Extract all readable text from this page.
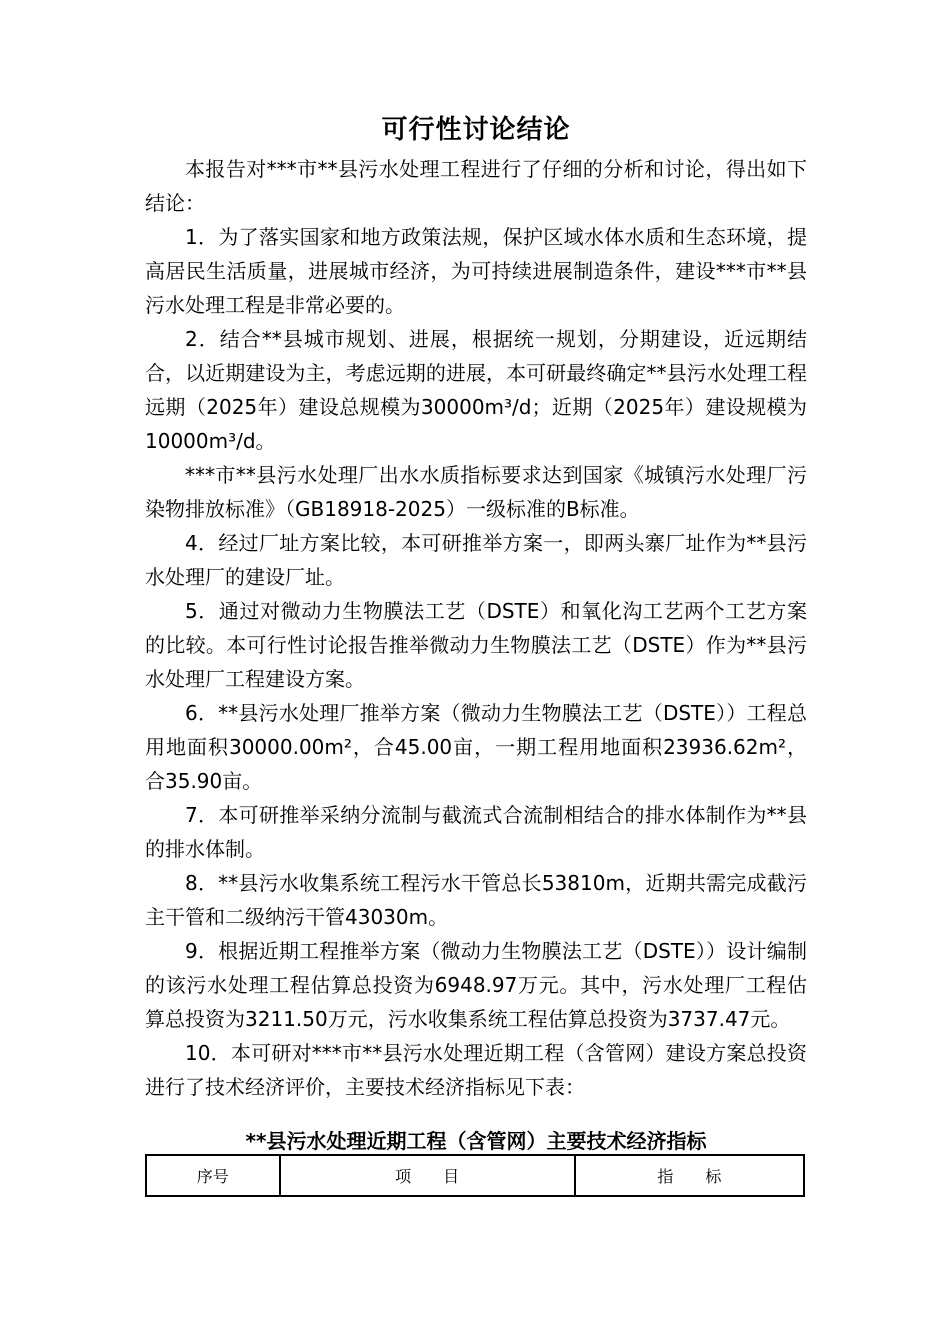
可行性讨论结论

本报告对***市**县污水处理工程进行了仔细的分析和讨论，得出如下结论：

1．为了落实国家和地方政策法规，保护区域水体水质和生态环境，提高居民生活质量，进展城市经济，为可持续进展制造条件，建设***市**县污水处理工程是非常必要的。

2．结合**县城市规划、进展，根据统一规划，分期建设，近远期结合，以近期建设为主，考虑远期的进展，本可研最终确定**县污水处理工程远期（2025年）建设总规模为30000m³/d；近期（2025年）建设规模为10000m³/d。

***市**县污水处理厂出水水质指标要求达到国家《城镇污水处理厂污染物排放标准》（GB18918-2025）一级标准的B标准。

4．经过厂址方案比较，本可研推举方案一，即两头寨厂址作为**县污水处理厂的建设厂址。

5．通过对微动力生物膜法工艺（DSTE）和氧化沟工艺两个工艺方案的比较。本可行性讨论报告推举微动力生物膜法工艺（DSTE）作为**县污水处理厂工程建设方案。

6．**县污水处理厂推举方案（微动力生物膜法工艺（DSTE））工程总用地面积30000.00m²，合45.00亩，一期工程用地面积23936.62m²，合35.90亩。

7．本可研推举采纳分流制与截流式合流制相结合的排水体制作为**县的排水体制。

8．**县污水收集系统工程污水干管总长53810m，近期共需完成截污主干管和二级纳污干管43030m。

9．根据近期工程推举方案（微动力生物膜法工艺（DSTE））设计编制的该污水处理工程估算总投资为6948.97万元。其中，污水处理厂工程估算总投资为3211.50万元，污水收集系统工程估算总投资为3737.47元。

10．本可研对***市**县污水处理近期工程（含管网）建设方案总投资进行了技术经济评价，主要技术经济指标见下表：

**县污水处理近期工程（含管网）主要技术经济指标
序号	项　　目	指　　标
